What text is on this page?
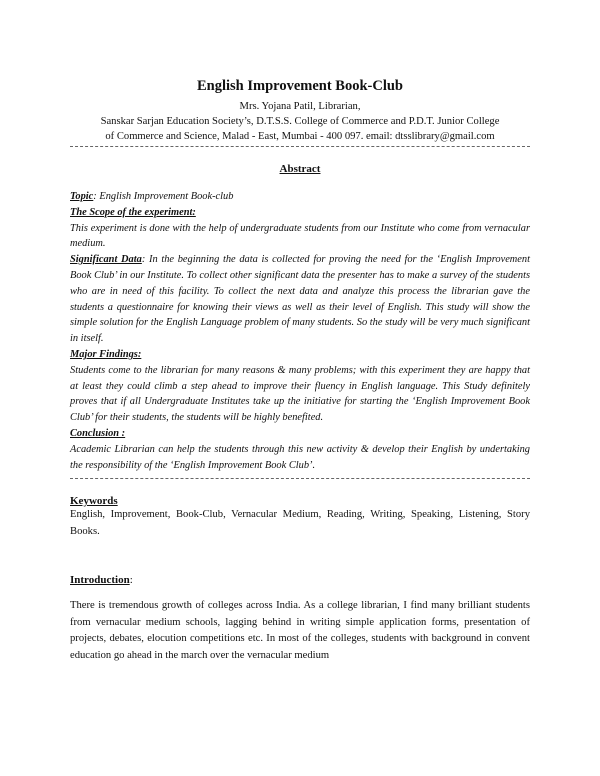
English Improvement Book-Club
Mrs. Yojana Patil, Librarian,
Sanskar Sarjan Education Society’s, D.T.S.S. College of Commerce and P.D.T. Junior College
of Commerce and Science, Malad - East, Mumbai - 400 097. email: dtsslibrary@gmail.com
Abstract
Topic: English Improvement Book-club
The Scope of the experiment:
This experiment is done with the help of undergraduate students from our Institute who come from vernacular medium.
Significant Data: In the beginning the data is collected for proving the need for the ‘English Improvement Book Club’ in our Institute. To collect other significant data the presenter has to make a survey of the students who are in need of this facility. To collect the next data and analyze this process the librarian gave the students a questionnaire for knowing their views as well as their level of English. This study will show the simple solution for the English Language problem of many students. So the study will be very much significant in itself.
Major Findings:
Students come to the librarian for many reasons & many problems; with this experiment they are happy that at least they could climb a step ahead to improve their fluency in English language. This Study definitely proves that if all Undergraduate Institutes take up the initiative for starting the ‘English Improvement Book Club’ for their students, the students will be highly benefited.
Conclusion :
Academic Librarian can help the students through this new activity & develop their English by undertaking the responsibility of the ‘English Improvement Book Club’.
Keywords
English, Improvement, Book-Club, Vernacular Medium, Reading, Writing, Speaking, Listening, Story Books.
Introduction:
There is tremendous growth of colleges across India. As a college librarian, I find many brilliant students from vernacular medium schools, lagging behind in writing simple application forms, presentation of projects, debates, elocution competitions etc. In most of the colleges, students with background in convent education go ahead in the march over the vernacular medium
